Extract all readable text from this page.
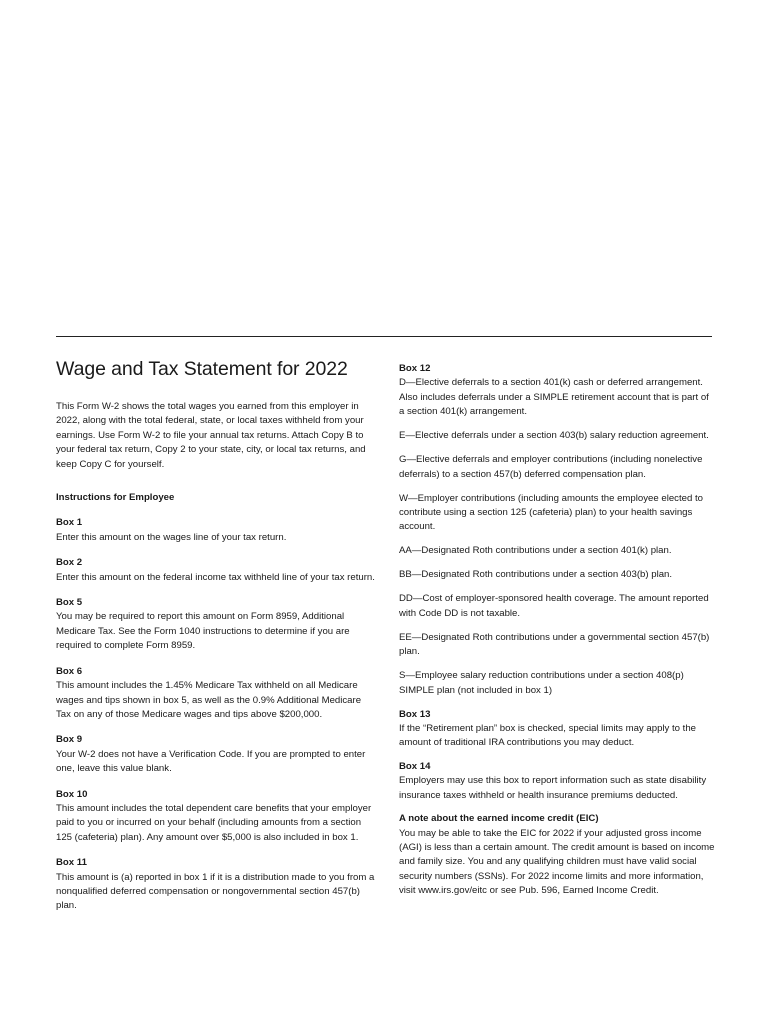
Wage and Tax Statement for 2022

This Form W-2 shows the total wages you earned from this employer in 2022, along with the total federal, state, or local taxes withheld from your earnings. Use Form W-2 to file your annual tax returns. Attach Copy B to your federal tax return, Copy 2 to your state, city, or local tax returns, and keep Copy C for yourself.

Instructions for Employee

Box 1

Enter this amount on the wages line of your tax return.

Box 2

Enter this amount on the federal income tax withheld line of your tax return.

Box 5

You may be required to report this amount on Form 8959, Additional Medicare Tax. See the Form 1040 instructions to determine if you are required to complete Form 8959.

Box 6

This amount includes the 1.45% Medicare Tax withheld on all Medicare wages and tips shown in box 5, as well as the 0.9% Additional Medicare Tax on any of those Medicare wages and tips above $200,000.

Box 9

Your W-2 does not have a Verification Code. If you are prompted to enter one, leave this value blank.

Box 10

This amount includes the total dependent care benefits that your employer paid to you or incurred on your behalf (including amounts from a section 125 (cafeteria) plan). Any amount over $5,000 is also included in box 1.

Box 11

This amount is (a) reported in box 1 if it is a distribution made to you from a nonqualified deferred compensation or nongovernmental section 457(b) plan.

Box 12

D—Elective deferrals to a section 401(k) cash or deferred arrangement. Also includes deferrals under a SIMPLE retirement account that is part of a section 401(k) arrangement.

E—Elective deferrals under a section 403(b) salary reduction agreement.

G—Elective deferrals and employer contributions (including nonelective deferrals) to a section 457(b) deferred compensation plan.

W—Employer contributions (including amounts the employee elected to contribute using a section 125 (cafeteria) plan) to your health savings account.

AA—Designated Roth contributions under a section 401(k) plan.

BB—Designated Roth contributions under a section 403(b) plan.

DD—Cost of employer-sponsored health coverage. The amount reported with Code DD is not taxable.

EE—Designated Roth contributions under a governmental section 457(b) plan.

S—Employee salary reduction contributions under a section 408(p) SIMPLE plan (not included in box 1)

Box 13

If the “Retirement plan” box is checked, special limits may apply to the amount of traditional IRA contributions you may deduct.

Box 14

Employers may use this box to report information such as state disability insurance taxes withheld or health insurance premiums deducted.

A note about the earned income credit (EIC)

You may be able to take the EIC for 2022 if your adjusted gross income (AGI) is less than a certain amount. The credit amount is based on income and family size. You and any qualifying children must have valid social security numbers (SSNs). For 2022 income limits and more information, visit www.irs.gov/eitc or see Pub. 596, Earned Income Credit.
